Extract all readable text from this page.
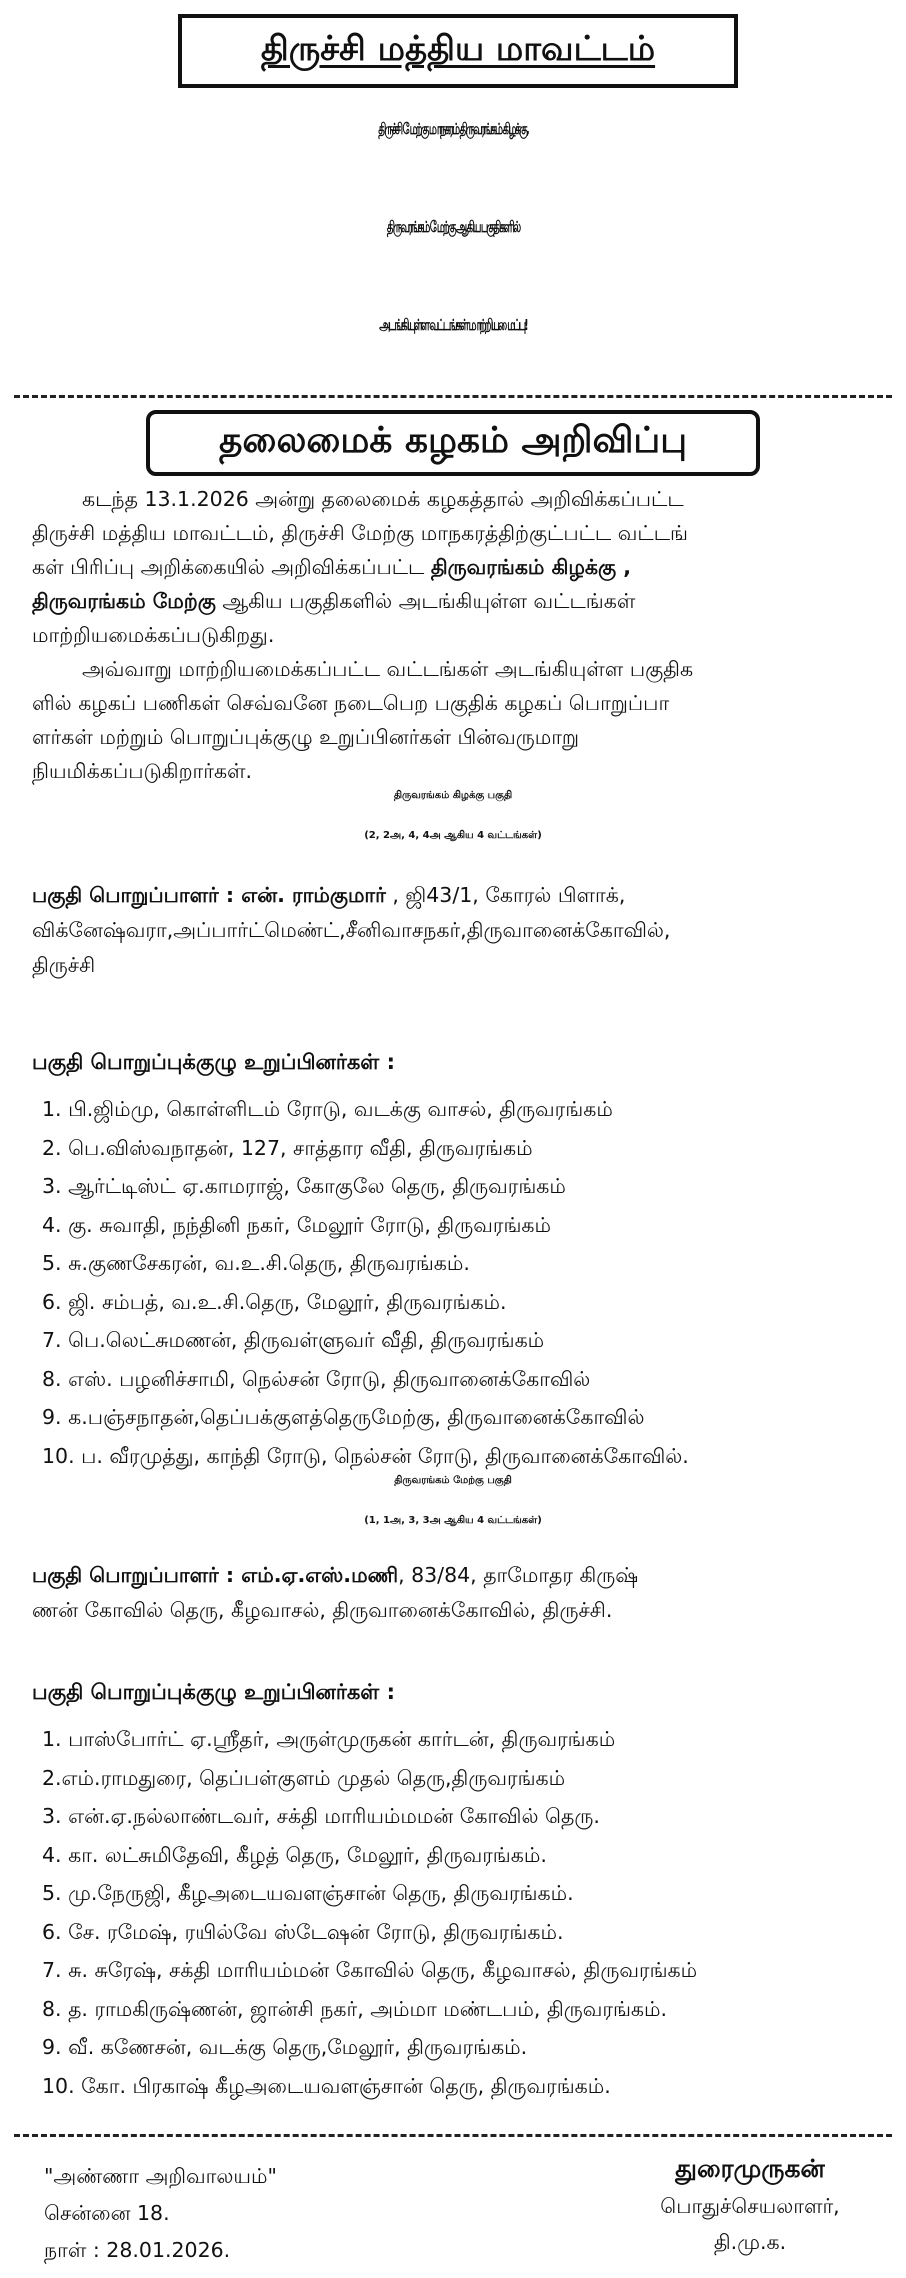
திருச்சி மத்திய மாவட்டம்
திருச்சி மேற்கு மாநகரம் திருவரங்கம் கிழக்கு,
திருவரங்கம் மேற்கு ஆகிய பகுதிகளில்
அடங்கியுள்ள வட்டங்கள் மாற்றியமைப்பு!
தலைமைக் கழகம் அறிவிப்பு

கடந்த 13.1.2026 அன்று தலைமைக் கழகத்தால் அறிவிக்கப்பட்ட

திருச்சி மத்திய மாவட்டம், திருச்சி மேற்கு மாநகரத்திற்குட்பட்ட வட்டங்

கள் பிரிப்பு அறிக்கையில் அறிவிக்கப்பட்ட திருவரங்கம் கிழக்கு ,

திருவரங்கம் மேற்கு ஆகிய பகுதிகளில் அடங்கியுள்ள வட்டங்கள்

மாற்றியமைக்கப்படுகிறது.

அவ்வாறு மாற்றியமைக்கப்பட்ட வட்டங்கள் அடங்கியுள்ள பகுதிக

ளில் கழகப் பணிகள் செவ்வனே நடைபெற பகுதிக் கழகப் பொறுப்பா

ளர்கள் மற்றும் பொறுப்புக்குழு உறுப்பினர்கள் பின்வருமாறு

நியமிக்கப்படுகிறார்கள்.

திருவரங்கம் கிழக்கு பகுதி
(2, 2அ, 4, 4அ ஆகிய 4 வட்டங்கள்)
பகுதி பொறுப்பாளர் : என். ராம்குமார் , ஜி43/1, கோரல் பிளாக்,
விக்னேஷ்வரா,அப்பார்ட்மெண்ட்,சீனிவாசநகர்,திருவானைக்கோவில்,
திருச்சி
பகுதி பொறுப்புக்குழு உறுப்பினர்கள் :
1. பி.ஜிம்மு, கொள்ளிடம் ரோடு, வடக்கு வாசல், திருவரங்கம்
2. பெ.விஸ்வநாதன், 127, சாத்தார வீதி, திருவரங்கம்
3. ஆர்ட்டிஸ்ட் ஏ.காமராஜ், கோகுலே தெரு, திருவரங்கம்
4. கு. சுவாதி, நந்தினி நகர், மேலூர் ரோடு, திருவரங்கம்
5. சு.குணசேகரன், வ.உ.சி.தெரு, திருவரங்கம்.
6. ஜி. சம்பத், வ.உ.சி.தெரு, மேலூர், திருவரங்கம்.
7. பெ.லெட்சுமணன், திருவள்ளுவர் வீதி, திருவரங்கம்
8. எஸ். பழனிச்சாமி, நெல்சன் ரோடு, திருவானைக்கோவில்
9. க.பஞ்சநாதன்,தெப்பக்குளத்தெருமேற்கு, திருவானைக்கோவில்
10. ப. வீரமுத்து, காந்தி ரோடு, நெல்சன் ரோடு, திருவானைக்கோவில்.
திருவரங்கம் மேற்கு பகுதி
(1, 1அ, 3, 3அ ஆகிய 4 வட்டங்கள்)
பகுதி பொறுப்பாளர் : எம்.ஏ.எஸ்.மணி, 83/84, தாமோதர கிருஷ்
ணன் கோவில் தெரு, கீழவாசல், திருவானைக்கோவில், திருச்சி.
பகுதி பொறுப்புக்குழு உறுப்பினர்கள் :
1. பாஸ்போர்ட் ஏ.ஸ்ரீதர், அருள்முருகன் கார்டன், திருவரங்கம்
2.எம்.ராமதுரை, தெப்பள்குளம் முதல் தெரு,திருவரங்கம்
3. என்.ஏ.நல்லாண்டவர், சக்தி மாரியம்மமன் கோவில் தெரு.
4. கா. லட்சுமிதேவி, கீழத் தெரு, மேலூர், திருவரங்கம்.
5. மு.நேருஜி, கீழஅடையவளஞ்சான் தெரு, திருவரங்கம்.
6. சே. ரமேஷ், ரயில்வே ஸ்டேஷன் ரோடு, திருவரங்கம்.
7. சு. சுரேஷ், சக்தி மாரியம்மன் கோவில் தெரு, கீழவாசல், திருவரங்கம்
8. த. ராமகிருஷ்ணன், ஜான்சி நகர், அம்மா மண்டபம், திருவரங்கம்.
9. வீ. கணேசன், வடக்கு தெரு,மேலூர், திருவரங்கம்.
10. கோ. பிரகாஷ் கீழஅடையவளஞ்சான் தெரு, திருவரங்கம்.
"அண்ணா அறிவாலயம்"
சென்னை 18.
நாள் : 28.01.2026.
துரைமுருகன்
பொதுச்செயலாளர்,
தி.மு.க.
